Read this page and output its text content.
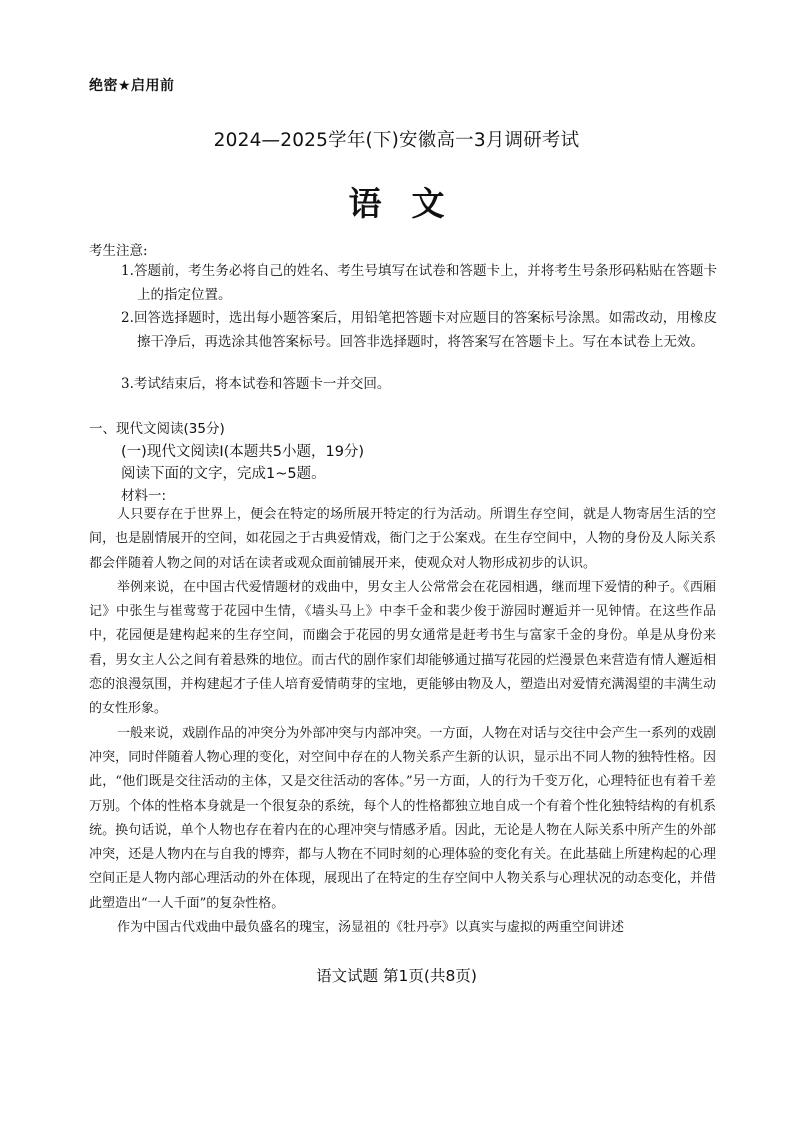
绝密★启用前
2024—2025学年(下)安徽高一3月调研考试
语文
考生注意:
1.答题前，考生务必将自己的姓名、考生号填写在试卷和答题卡上，并将考生号条形码粘贴在答题卡上的指定位置。
2.回答选择题时，选出每小题答案后，用铅笔把答题卡对应题目的答案标号涂黑。如需改动，用橡皮擦干净后，再选涂其他答案标号。回答非选择题时，将答案写在答题卡上。写在本试卷上无效。
3.考试结束后，将本试卷和答题卡一并交回。
一、现代文阅读(35分)
(一)现代文阅读Ⅰ(本题共5小题，19分)
阅读下面的文字，完成1~5题。
材料一:

人只要存在于世界上，便会在特定的场所展开特定的行为活动。所谓生存空间，就是人物寄居生活的空间，也是剧情展开的空间，如花园之于古典爱情戏，衙门之于公案戏。在生存空间中，人物的身份及人际关系都会伴随着人物之间的对话在读者或观众面前铺展开来，使观众对人物形成初步的认识。

举例来说，在中国古代爱情题材的戏曲中，男女主人公常常会在花园相遇，继而埋下爱情的种子。《西厢记》中张生与崔莺莺于花园中生情，《墙头马上》中李千金和裴少俊于游园时邂逅并一见钟情。在这些作品中，花园便是建构起来的生存空间，而幽会于花园的男女通常是赶考书生与富家千金的身份。单是从身份来看，男女主人公之间有着悬殊的地位。而古代的剧作家们却能够通过描写花园的烂漫景色来营造有情人邂逅相恋的浪漫氛围，并构建起才子佳人培育爱情萌芽的宝地，更能够由物及人，塑造出对爱情充满渴望的丰满生动的女性形象。

一般来说，戏剧作品的冲突分为外部冲突与内部冲突。一方面，人物在对话与交往中会产生一系列的戏剧冲突，同时伴随着人物心理的变化，对空间中存在的人物关系产生新的认识，显示出不同人物的独特性格。因此，“他们既是交往活动的主体，又是交往活动的客体。”另一方面，人的行为千变万化，心理特征也有着千差万别。个体的性格本身就是一个很复杂的系统，每个人的性格都独立地自成一个有着个性化独特结构的有机系统。换句话说，单个人物也存在着内在的心理冲突与情感矛盾。因此，无论是人物在人际关系中所产生的外部冲突，还是人物内在与自我的博弈，都与人物在不同时刻的心理体验的变化有关。在此基础上所建构起的心理空间正是人物内部心理活动的外在体现，展现出了在特定的生存空间中人物关系与心理状况的动态变化，并借此塑造出“一人千面”的复杂性格。

作为中国古代戏曲中最负盛名的瑰宝，汤显祖的《牡丹亭》以真实与虚拟的两重空间讲述

语文试题 第1页(共8页)
